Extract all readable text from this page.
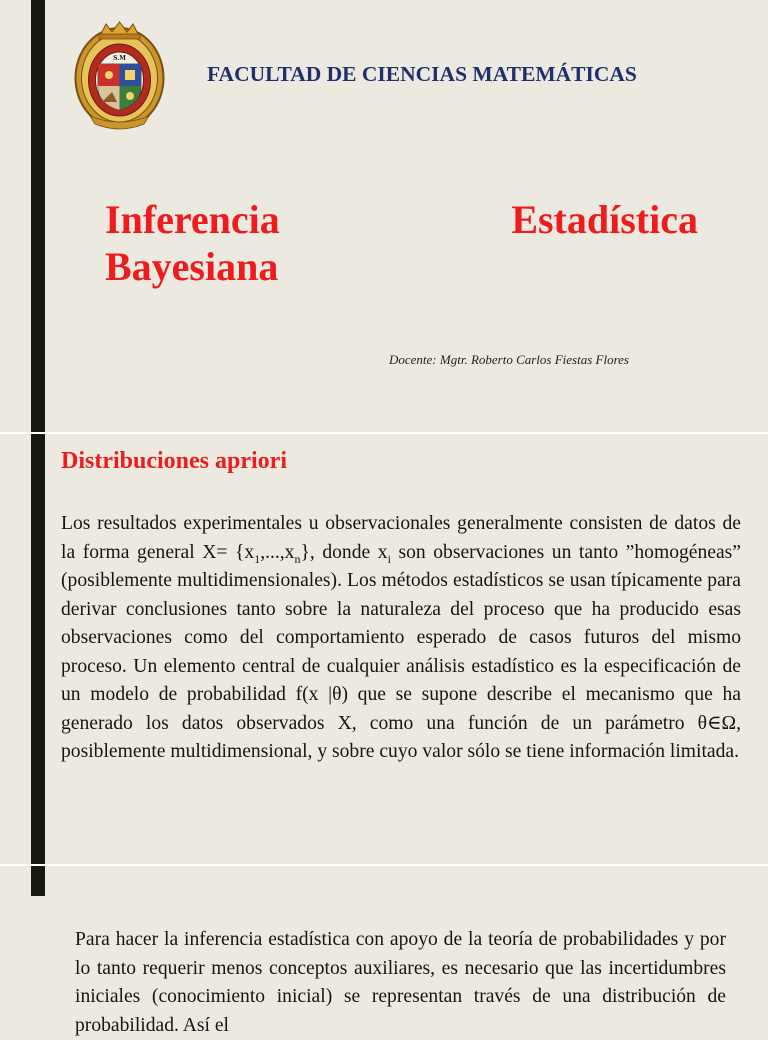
S.M
FACULTAD DE CIENCIAS MATEMÁTICAS
Inferencia	Estadística
Bayesiana
Docente: Mgtr. Roberto Carlos Fiestas Flores
Distribuciones apriori
Los resultados experimentales u observacionales generalmente consisten de datos de la forma general $X= \{x_1,...,x_n\}$, donde $x_i$ son observaciones un tanto ”homogéneas” (posiblemente multidimensionales). Los métodos estadísticos se usan típicamente para derivar conclusiones tanto sobre la naturaleza del proceso que ha producido esas observaciones como del comportamiento esperado de casos futuros del mismo proceso. Un elemento central de cualquier análisis estadístico es la especificación de un modelo de probabilidad f(x |θ) que se supone describe el mecanismo que ha generado los datos observados X, como una función de un parámetro θ∈Ω, posiblemente multidimensional, y sobre cuyo valor sólo se tiene información limitada.
Para hacer la inferencia estadística con apoyo de la teoría de probabilidades y por lo tanto requerir menos conceptos auxiliares, es necesario que las incertidumbres iniciales (conocimiento inicial) se representan través de una distribución de probabilidad. Así el
